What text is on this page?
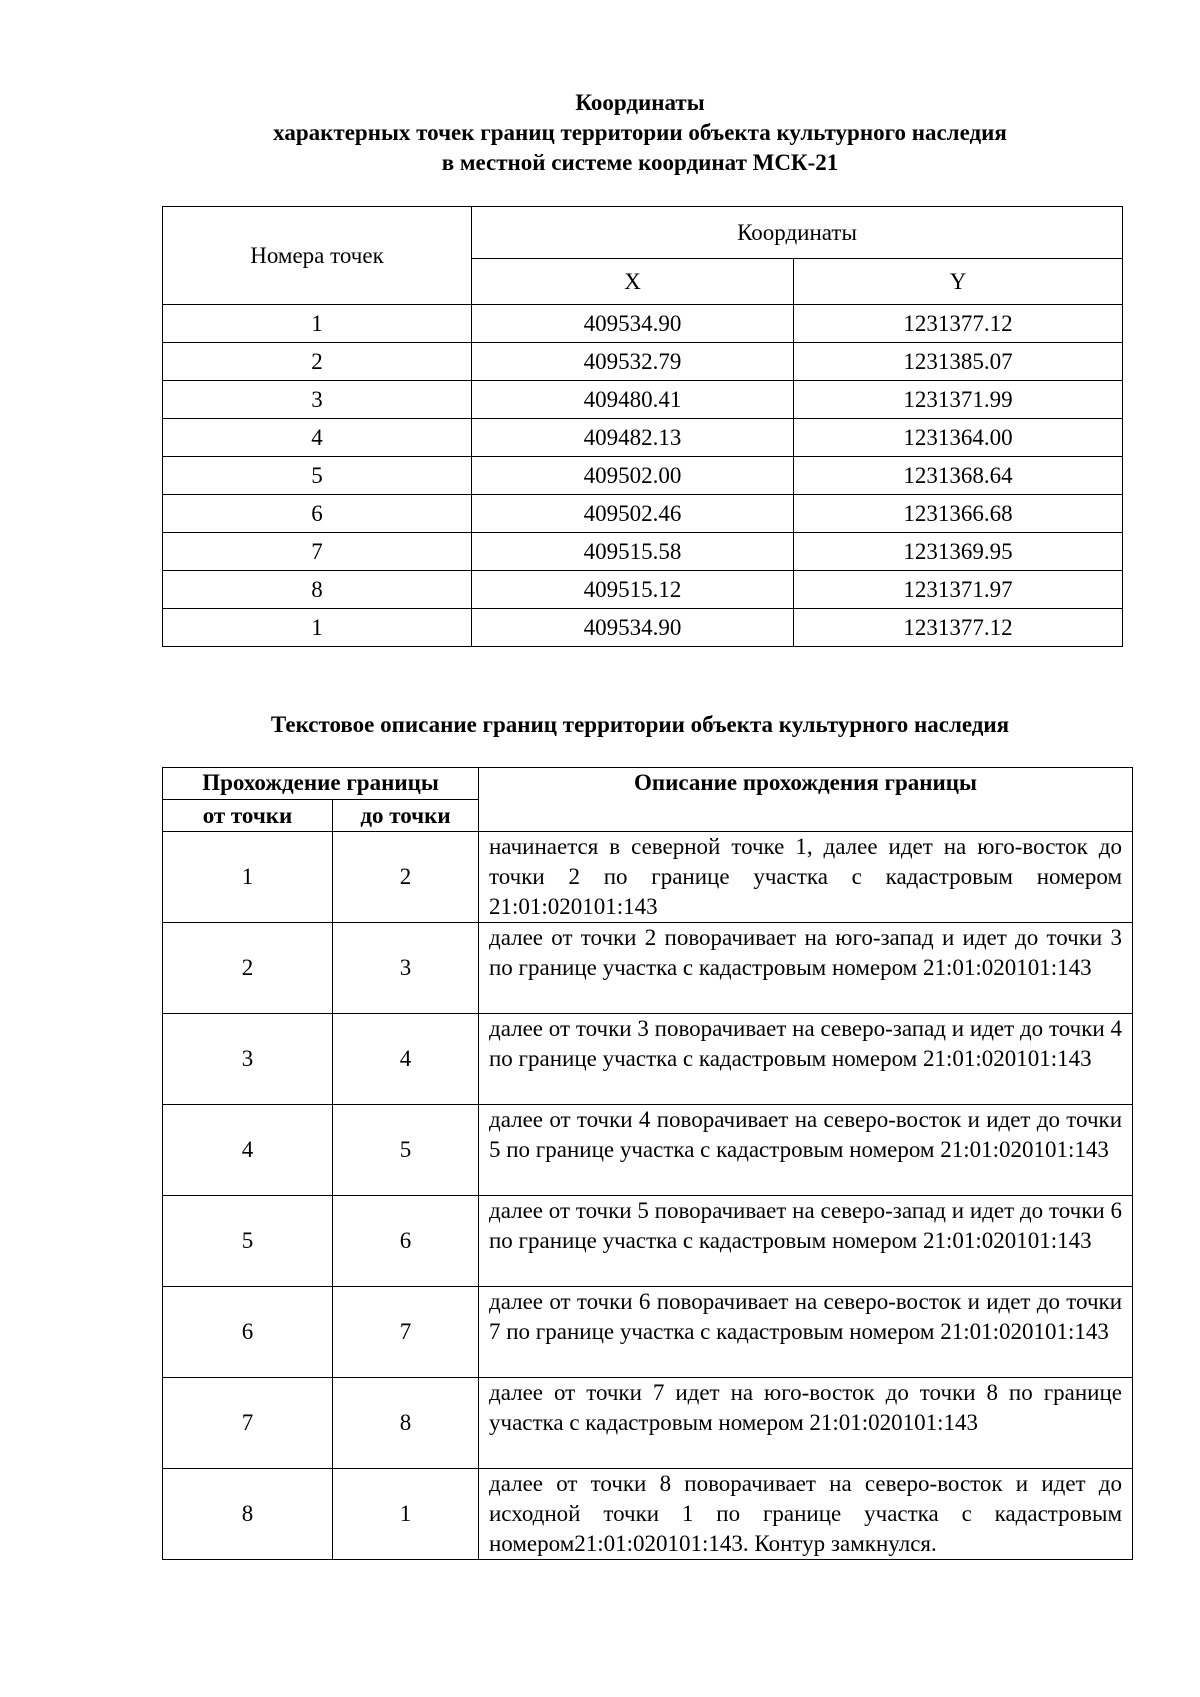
Координаты
характерных точек границ территории объекта культурного наследия
в местной системе координат МСК-21
Номера точек	Координаты	
	X	Y
1	409534.90	1231377.12
2	409532.79	1231385.07
3	409480.41	1231371.99
4	409482.13	1231364.00
5	409502.00	1231368.64
6	409502.46	1231366.68
7	409515.58	1231369.95
8	409515.12	1231371.97
1	409534.90	1231377.12
Текстовое описание границ территории объекта культурного наследия
Прохождение границы		Описание прохождения границы
от точки	до точки	
1	2	начинается в северной точке 1, далее идет на юго-восток до точки 2 по границе участка с кадастровым номером 21:01:020101:143
2	3	далее от точки 2 поворачивает на юго-запад и идет до точки 3 по границе участка с кадастровым номером 21:01:020101:143
3	4	далее от точки 3 поворачивает на северо-запад и идет до точки 4 по границе участка с кадастровым номером 21:01:020101:143
4	5	далее от точки 4 поворачивает на северо-восток и идет до точки 5 по границе участка с кадастровым номером 21:01:020101:143
5	6	далее от точки 5 поворачивает на северо-запад и идет до точки 6 по границе участка с кадастровым номером 21:01:020101:143
6	7	далее от точки 6 поворачивает на северо-восток и идет до точки 7 по границе участка с кадастровым номером 21:01:020101:143
7	8	далее от точки 7 идет на юго-восток до точки 8 по границе участка с кадастровым номером 21:01:020101:143
8	1	далее от точки 8 поворачивает на северо-восток и идет до исходной точки 1 по границе участка с кадастровым номером21:01:020101:143. Контур замкнулся.
